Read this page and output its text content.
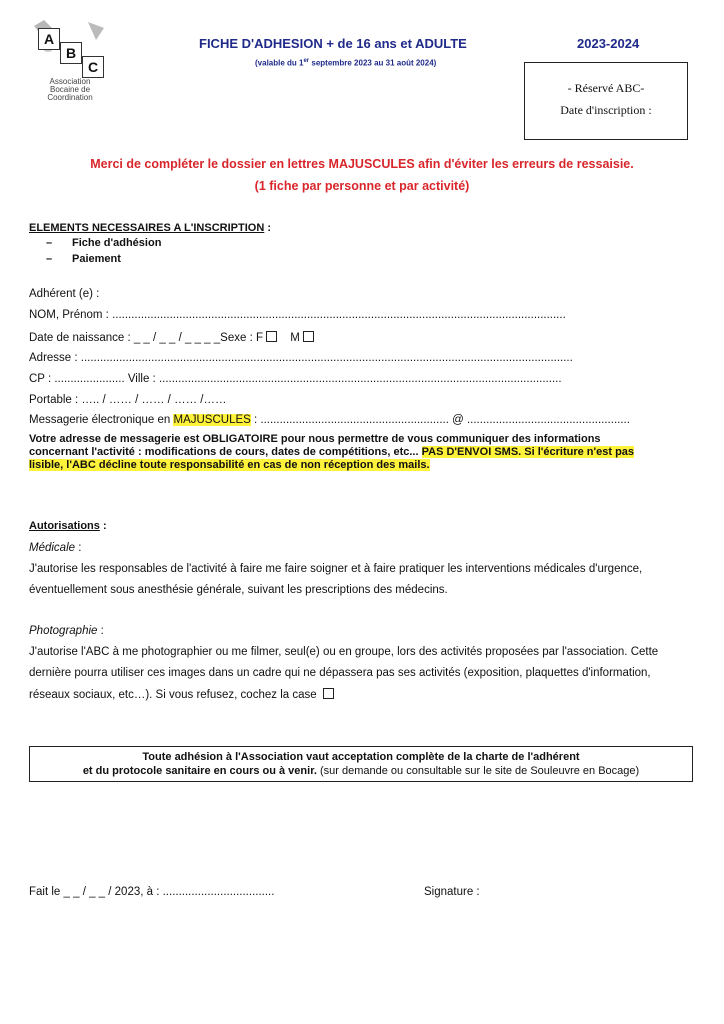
A
B
C
Association Bocaine de Coordination
FICHE D'ADHESION + de 16 ans et ADULTE	2023-2024
(valable du 1er septembre 2023 au 31 août 2024)
- Réservé ABC-
Date d'inscription :
Merci de compléter le dossier en lettres MAJUSCULES afin d'éviter les erreurs de ressaisie.
(1 fiche par personne et par activité)
ELEMENTS NECESSAIRES A L'INSCRIPTION :
– Fiche d'adhésion
– Paiement
Adhérent (e) :
NOM, Prénom : ..............................................................................................................................................
Date de naissance : _ _ / _ _ / _ _ _ _Sexe : F M
Adresse : ..........................................................................................................................................................
CP : ...................... Ville : ..............................................................................................................................
Portable : ….. / …… / …… / …… /……
Messagerie électronique en MAJUSCULES : ........................................................... @ ...................................................
Votre adresse de messagerie est OBLIGATOIRE pour nous permettre de vous communiquer des informations
concernant l'activité : modifications de cours, dates de compétitions, etc... PAS D'ENVOI SMS. Si l'écriture n'est pas
lisible, l'ABC décline toute responsabilité en cas de non réception des mails.
Autorisations :
Médicale :
J'autorise les responsables de l'activité à faire me faire soigner et à faire pratiquer les interventions médicales d'urgence,
éventuellement sous anesthésie générale, suivant les prescriptions des médecins.
Photographie :
J'autorise l'ABC à me photographier ou me filmer, seul(e) ou en groupe, lors des activités proposées par l'association. Cette
dernière pourra utiliser ces images dans un cadre qui ne dépassera pas ses activités (exposition, plaquettes d'information,
réseaux sociaux, etc…). Si vous refusez, cochez la case
Toute adhésion à l'Association vaut acceptation complète de la charte de l'adhérent
et du protocole sanitaire en cours ou à venir. (sur demande ou consultable sur le site de Souleuvre en Bocage)
Fait le _ _ / _ _ / 2023, à : ...................................	Signature :
